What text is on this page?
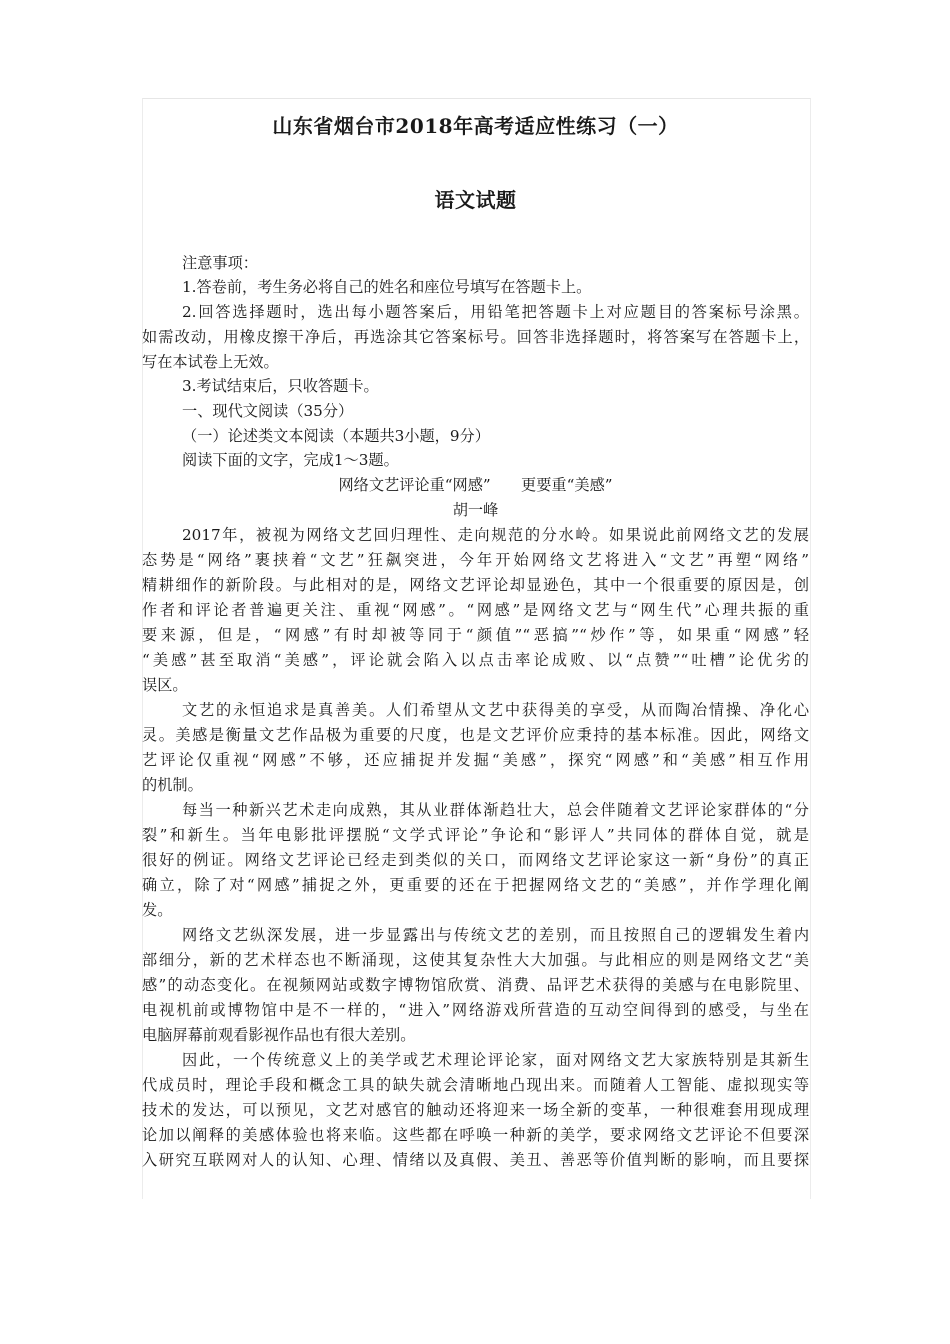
山东省烟台市2018年高考适应性练习（一）
语文试题
注意事项：
1.答卷前，考生务必将自己的姓名和座位号填写在答题卡上。
2.回答选择题时，选出每小题答案后，用铅笔把答题卡上对应题目的答案标号涂黑。
如需改动，用橡皮擦干净后，再选涂其它答案标号。回答非选择题时，将答案写在答题卡上，
写在本试卷上无效。
3.考试结束后，只收答题卡。
一、现代文阅读（35分）
（一）论述类文本阅读（本题共3小题，9分）
阅读下面的文字，完成1～3题。
网络文艺评论重“网感”　　更要重“美感”
胡一峰
2017年，被视为网络文艺回归理性、走向规范的分水岭。如果说此前网络文艺的发展
态势是“网络”裹挟着“文艺”狂飙突进，今年开始网络文艺将进入“文艺”再塑“网络”
精耕细作的新阶段。与此相对的是，网络文艺评论却显逊色，其中一个很重要的原因是，创
作者和评论者普遍更关注、重视“网感”。“网感”是网络文艺与“网生代”心理共振的重
要来源，但是，“网感”有时却被等同于“颜值”“恶搞”“炒作”等，如果重“网感”轻
“美感”甚至取消“美感”，评论就会陷入以点击率论成败、以“点赞”“吐槽”论优劣的
误区。
文艺的永恒追求是真善美。人们希望从文艺中获得美的享受，从而陶冶情操、净化心
灵。美感是衡量文艺作品极为重要的尺度，也是文艺评价应秉持的基本标准。因此，网络文
艺评论仅重视“网感”不够，还应捕捉并发掘“美感”，探究“网感”和“美感”相互作用
的机制。
每当一种新兴艺术走向成熟，其从业群体渐趋壮大，总会伴随着文艺评论家群体的“分
裂”和新生。当年电影批评摆脱“文学式评论”争论和“影评人”共同体的群体自觉，就是
很好的例证。网络文艺评论已经走到类似的关口，而网络文艺评论家这一新“身份”的真正
确立，除了对“网感”捕捉之外，更重要的还在于把握网络文艺的“美感”，并作学理化阐
发。
网络文艺纵深发展，进一步显露出与传统文艺的差别，而且按照自己的逻辑发生着内
部细分，新的艺术样态也不断涌现，这使其复杂性大大加强。与此相应的则是网络文艺“美
感”的动态变化。在视频网站或数字博物馆欣赏、消费、品评艺术获得的美感与在电影院里、
电视机前或博物馆中是不一样的，“进入”网络游戏所营造的互动空间得到的感受，与坐在
电脑屏幕前观看影视作品也有很大差别。
因此，一个传统意义上的美学或艺术理论评论家，面对网络文艺大家族特别是其新生
代成员时，理论手段和概念工具的缺失就会清晰地凸现出来。而随着人工智能、虚拟现实等
技术的发达，可以预见，文艺对感官的触动还将迎来一场全新的变革，一种很难套用现成理
论加以阐释的美感体验也将来临。这些都在呼唤一种新的美学，要求网络文艺评论不但要深
入研究互联网对人的认知、心理、情绪以及真假、美丑、善恶等价值判断的影响，而且要探
